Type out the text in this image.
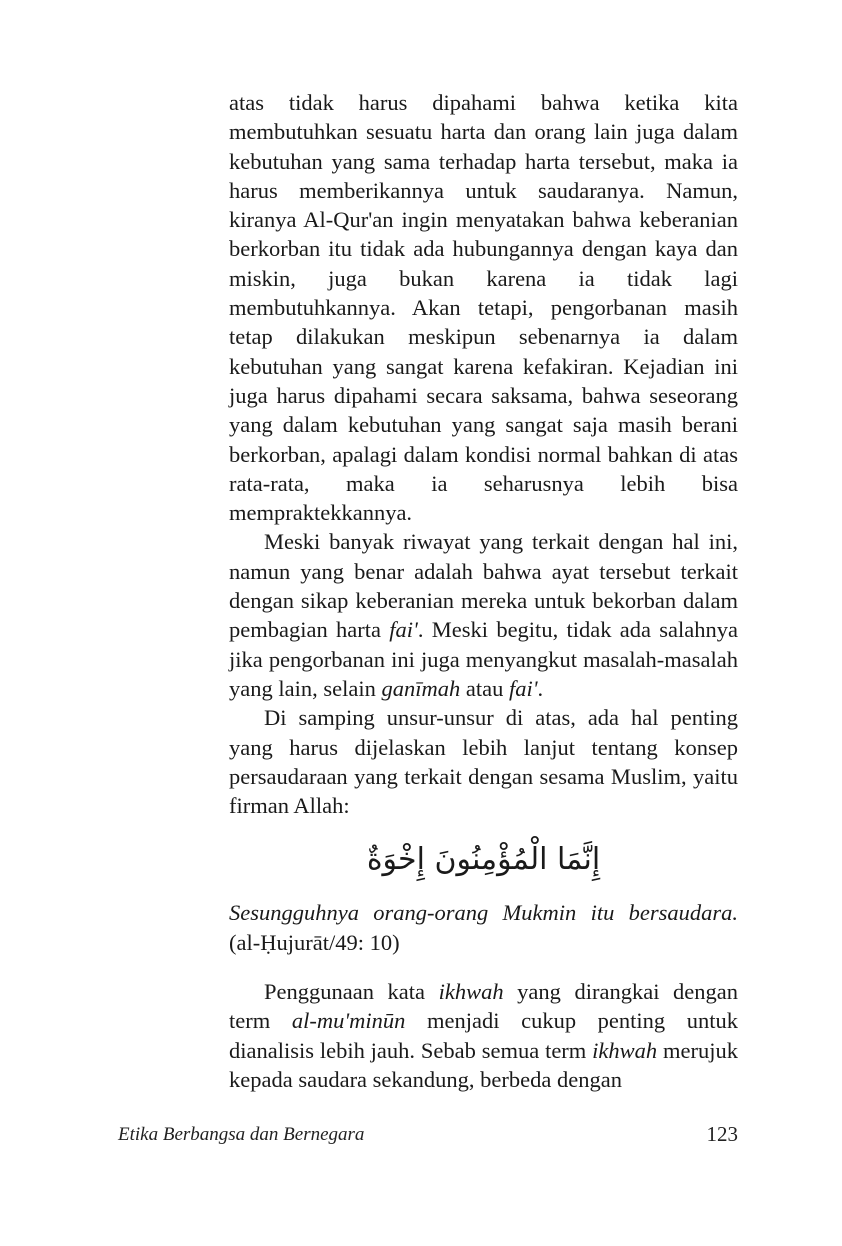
atas tidak harus dipahami bahwa ketika kita membutuhkan sesuatu harta dan orang lain juga dalam kebutuhan yang sama terhadap harta tersebut, maka ia harus memberikannya untuk saudaranya. Namun, kiranya Al-Qur'an ingin menyatakan bahwa keberanian berkorban itu tidak ada hubungannya dengan kaya dan miskin, juga bukan karena ia tidak lagi membutuhkannya. Akan tetapi, pengorbanan masih tetap dilakukan meskipun sebenarnya ia dalam kebutuhan yang sangat karena kefakiran. Kejadian ini juga harus dipahami secara saksama, bahwa seseorang yang dalam kebutuhan yang sangat saja masih berani berkorban, apalagi dalam kondisi normal bahkan di atas rata-rata, maka ia seharusnya lebih bisa mempraktekkannya.

Meski banyak riwayat yang terkait dengan hal ini, namun yang benar adalah bahwa ayat tersebut terkait dengan sikap keberanian mereka untuk bekorban dalam pembagian harta fai'. Meski begitu, tidak ada salahnya jika pengorbanan ini juga menyangkut masalah-masalah yang lain, selain ganīmah atau fai'.

Di samping unsur-unsur di atas, ada hal penting yang harus dijelaskan lebih lanjut tentang konsep persaudaraan yang terkait dengan sesama Muslim, yaitu firman Allah:

إِنَّمَا الْمُؤْمِنُونَ إِخْوَةٌ

Sesungguhnya orang-orang Mukmin itu bersaudara. (al-Ḥujurāt/49: 10)

Penggunaan kata ikhwah yang dirangkai dengan term al-mu'minūn menjadi cukup penting untuk dianalisis lebih jauh. Sebab semua term ikhwah merujuk kepada saudara sekandung, berbeda dengan

Etika Berbangsa dan Bernegara	123
